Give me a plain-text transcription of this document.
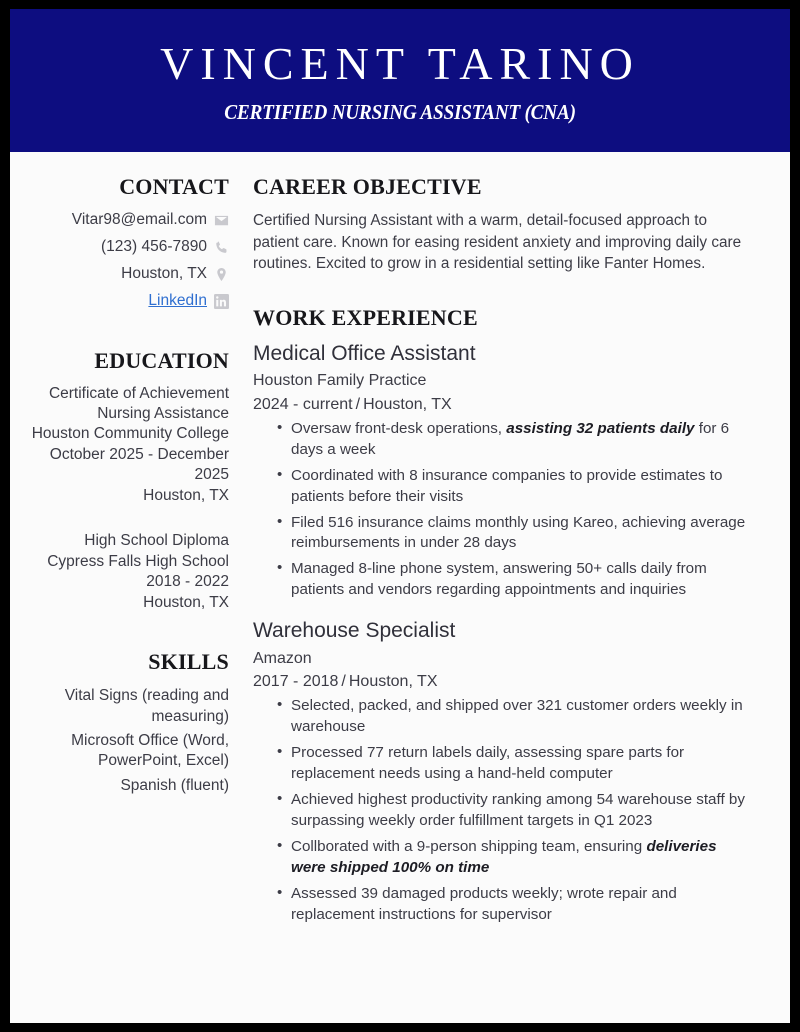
VINCENT TARINO
CERTIFIED NURSING ASSISTANT (CNA)
CONTACT
Vitar98@email.com
(123) 456-7890
Houston, TX
LinkedIn
EDUCATION
Certificate of Achievement
Nursing Assistance
Houston Community College
October 2025 - December 2025
Houston, TX
High School Diploma
Cypress Falls High School
2018 - 2022
Houston, TX
SKILLS
Vital Signs (reading and measuring)
Microsoft Office (Word, PowerPoint, Excel)
Spanish (fluent)
CAREER OBJECTIVE

Certified Nursing Assistant with a warm, detail-focused approach to patient care. Known for easing resident anxiety and improving daily care routines. Excited to grow in a residential setting like Fanter Homes.

WORK EXPERIENCE
Medical Office Assistant
Houston Family Practice
2024 - current / Houston, TX
• Oversaw front-desk operations, assisting 32 patients daily for 6 days a week
• Coordinated with 8 insurance companies to provide estimates to patients before their visits
• Filed 516 insurance claims monthly using Kareo, achieving average reimbursements in under 28 days
• Managed 8-line phone system, answering 50+ calls daily from patients and vendors regarding appointments and inquiries
Warehouse Specialist
Amazon
2017 - 2018 / Houston, TX
• Selected, packed, and shipped over 321 customer orders weekly in warehouse
• Processed 77 return labels daily, assessing spare parts for replacement needs using a hand-held computer
• Achieved highest productivity ranking among 54 warehouse staff by surpassing weekly order fulfillment targets in Q1 2023
• Collborated with a 9-person shipping team, ensuring deliveries were shipped 100% on time
• Assessed 39 damaged products weekly; wrote repair and replacement instructions for supervisor
